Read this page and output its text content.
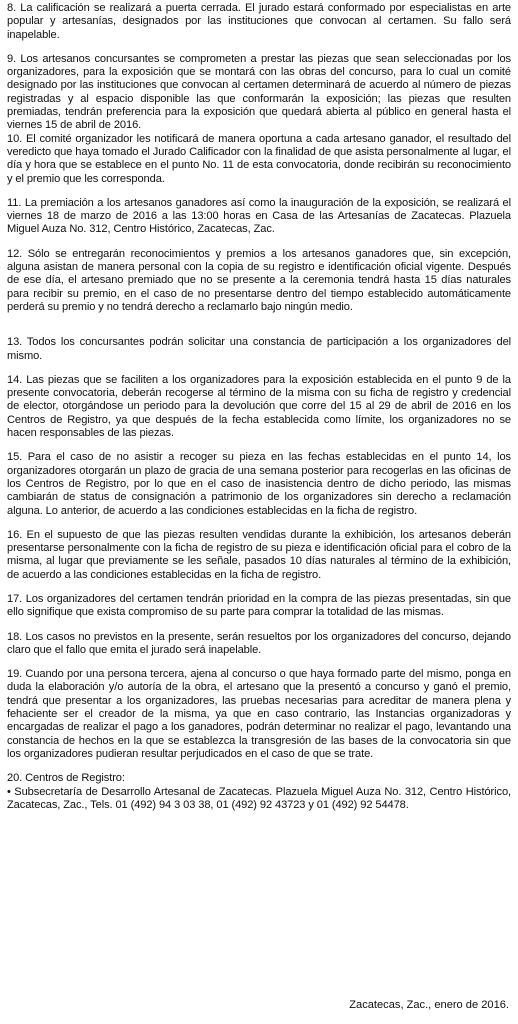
8. La calificación se realizará a puerta cerrada. El jurado estará conformado por especialistas en arte popular y artesanías, designados por las instituciones que convocan al certamen. Su fallo será inapelable.

9. Los artesanos concursantes se comprometen a prestar las piezas que sean seleccionadas por los organizadores, para la exposición que se montará con las obras del concurso, para lo cual un comité designado por las instituciones que convocan al certamen determinará de acuerdo al número de piezas registradas y al espacio disponible las que conformarán la exposición; las piezas que resulten premiadas, tendrán preferencia para la exposición que quedará abierta al público en general hasta el viernes 15 de abril de 2016.

10. El comité organizador les notificará de manera oportuna a cada artesano ganador, el resultado del veredicto que haya tomado el Jurado Calificador con la finalidad de que asista personalmente al lugar, el día y hora que se establece en el punto No. 11 de esta convocatoria, donde recibirán su reconocimiento y el premio que les corresponda.

11. La premiación a los artesanos ganadores así como la inauguración de la exposición, se realizará el viernes 18 de marzo de 2016 a las 13:00 horas en Casa de las Artesanías de Zacatecas. Plazuela Miguel Auza No. 312, Centro Histórico, Zacatecas, Zac.

12. Sólo se entregarán reconocimientos y premios a los artesanos ganadores que, sin excepción, alguna asistan de manera personal con la copia de su registro e identificación oficial vigente. Después de ese día, el artesano premiado que no se presente a la ceremonia tendrá hasta 15 días naturales para recibir su premio, en el caso de no presentarse dentro del tiempo establecido automáticamente perderá su premio y no tendrá derecho a reclamarlo bajo ningún medio.

13. Todos los concursantes podrán solicitar una constancia de participación a los organizadores del mismo.

14. Las piezas que se faciliten a los organizadores para la exposición establecida en el punto 9 de la presente convocatoria, deberán recogerse al término de la misma con su ficha de registro y credencial de elector, otorgándose un periodo para la devolución que corre del 15 al 29 de abril de 2016 en los Centros de Registro, ya que después de la fecha establecida como límite, los organizadores no se hacen responsables de las piezas.

15. Para el caso de no asistir a recoger su pieza en las fechas establecidas en el punto 14, los organizadores otorgarán un plazo de gracia de una semana posterior para recogerlas en las oficinas de los Centros de Registro, por lo que en el caso de inasistencia dentro de dicho periodo, las mismas cambiarán de status de consignación a patrimonio de los organizadores sin derecho a reclamación alguna. Lo anterior, de acuerdo a las condiciones establecidas en la ficha de registro.

16. En el supuesto de que las piezas resulten vendidas durante la exhibición, los artesanos deberán presentarse personalmente con la ficha de registro de su pieza e identificación oficial para el cobro de la misma, al lugar que previamente se les señale, pasados 10 días naturales al término de la exhibición, de acuerdo a las condiciones establecidas en la ficha de registro.

17. Los organizadores del certamen tendrán prioridad en la compra de las piezas presentadas, sin que ello signifique que exista compromiso de su parte para comprar la totalidad de las mismas.

18. Los casos no previstos en la presente, serán resueltos por los organizadores del concurso, dejando claro que el fallo que emita el jurado será inapelable.

19. Cuando por una persona tercera, ajena al concurso o que haya formado parte del mismo, ponga en duda la elaboración y/o autoría de la obra, el artesano que la presentó a concurso y ganó el premio, tendrá que presentar a los organizadores, las pruebas necesarias para acreditar de manera plena y fehaciente ser el creador de la misma, ya que en caso contrario, las Instancias organizadoras y encargadas de realizar el pago a los ganadores, podrán determinar no realizar el pago, levantando una constancia de hechos en la que se establezca la transgresión de las bases de la convocatoria sin que los organizadores pudieran resultar perjudicados en el caso de que se trate.

20. Centros de Registro:

• Subsecretaría de Desarrollo Artesanal de Zacatecas. Plazuela Miguel Auza No. 312, Centro Histórico, Zacatecas, Zac., Tels. 01 (492) 94 3 03 38, 01 (492) 92 43723 y 01 (492) 92 54478.

Zacatecas, Zac., enero de 2016.
